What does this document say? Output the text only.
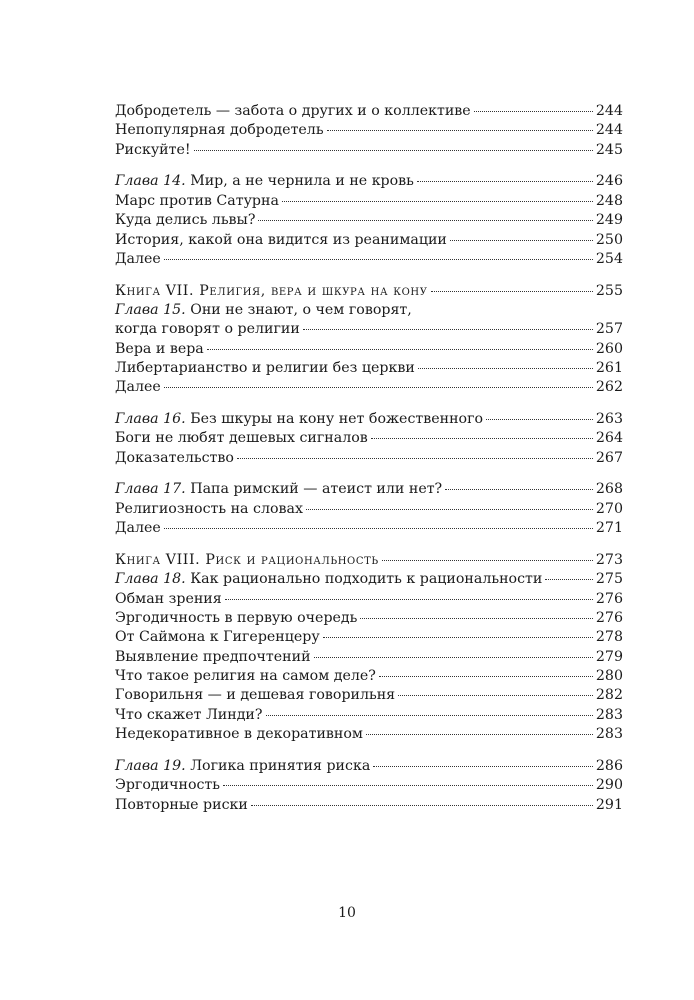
Добродетель — забота о других и о коллективе	244
Непопулярная добродетель	244
Рискуйте!	245
Глава 14. Мир, а не чернила и не кровь	246
Марс против Сатурна	248
Куда делись львы?	249
История, какой она видится из реанимации	250
Далее	254
Книга VII. Религия, вера и шкура на кону	255
Глава 15. Они не знают, о чем говорят,
когда говорят о религии	257
Вера и вера	260
Либертарианство и религии без церкви	261
Далее	262
Глава 16. Без шкуры на кону нет божественного	263
Боги не любят дешевых сигналов	264
Доказательство	267
Глава 17. Папа римский — атеист или нет?	268
Религиозность на словах	270
Далее	271
Книга VIII. Риск и рациональность	273
Глава 18. Как рационально подходить к рациональности	275
Обман зрения	276
Эргодичность в первую очередь	276
От Саймона к Гигеренцеру	278
Выявление предпочтений	279
Что такое религия на самом деле?	280
Говорильня — и дешевая говорильня	282
Что скажет Линди?	283
Недекоративное в декоративном	283
Глава 19. Логика принятия риска	286
Эргодичность	290
Повторные риски	291
10
